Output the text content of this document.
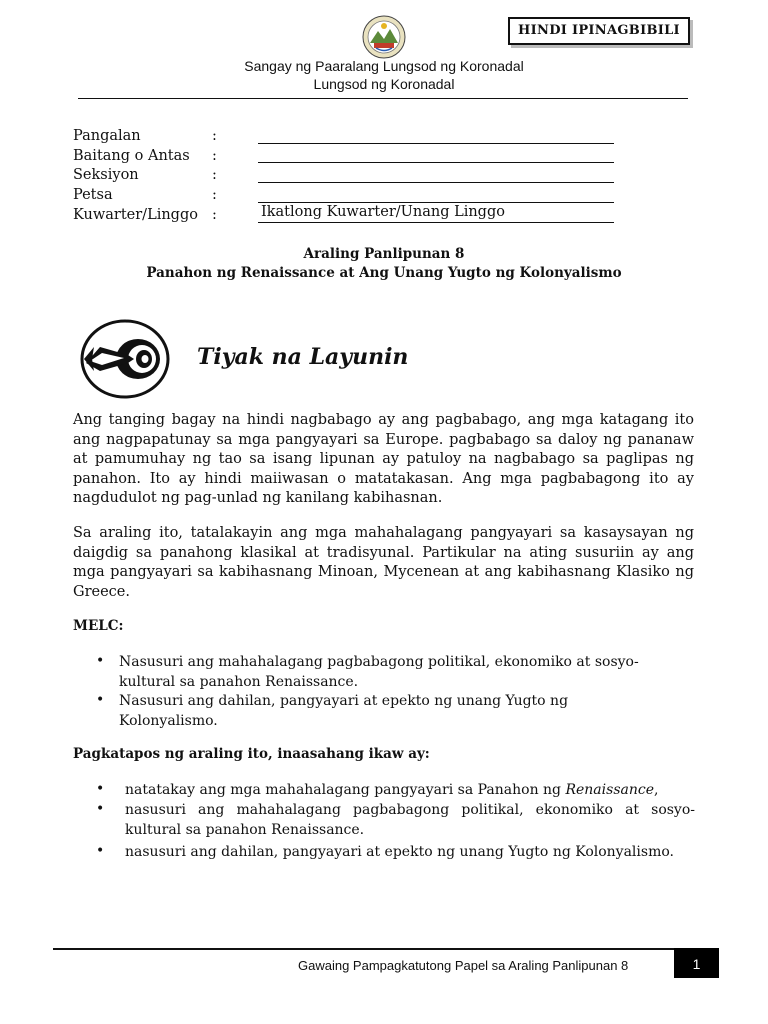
HINDI IPINAGBIBILI
Sangay ng Paaralang Lungsod ng Koronadal
Lungsod ng Koronadal
Pangalan	:
Baitang o Antas :
Seksiyon	:
Petsa	:
Kuwarter/Linggo :	Ikatlong Kuwarter/Unang Linggo
Araling Panlipunan 8
Panahon ng Renaissance at Ang Unang Yugto ng Kolonyalismo
Tiyak na Layunin

Ang tanging bagay na hindi nagbabago ay ang pagbabago, ang mga katagang ito ang nagpapatunay sa mga pangyayari sa Europe. pagbabago sa daloy ng pananaw at pamumuhay ng tao sa isang lipunan ay patuloy na nagbabago sa paglipas ng panahon. Ito ay hindi maiiwasan o matatakasan. Ang mga pagbabagong ito ay nagdudulot ng pag-unlad ng kanilang kabihasnan.

Sa araling ito, tatalakayin ang mga mahahalagang pangyayari sa kasaysayan ng daigdig sa panahong klasikal at tradisyunal. Partikular na ating susuriin ay ang mga pangyayari sa kabihasnang Minoan, Mycenean at ang kabihasnang Klasiko ng Greece.

MELC:
• Nasusuri ang mahahalagang pagbabagong politikal, ekonomiko at sosyo-kultural sa panahon Renaissance.
• Nasusuri ang dahilan, pangyayari at epekto ng unang Yugto ng Kolonyalismo.
Pagkatapos ng araling ito, inaasahang ikaw ay:
• natatakay ang mga mahahalagang pangyayari sa Panahon ng Renaissance,
• nasusuri ang mahahalagang pagbabagong politikal, ekonomiko at sosyo-kultural sa panahon Renaissance.
• nasusuri ang dahilan, pangyayari at epekto ng unang Yugto ng Kolonyalismo.
Gawaing Pampagkatutong Papel sa Araling Panlipunan 8	1
